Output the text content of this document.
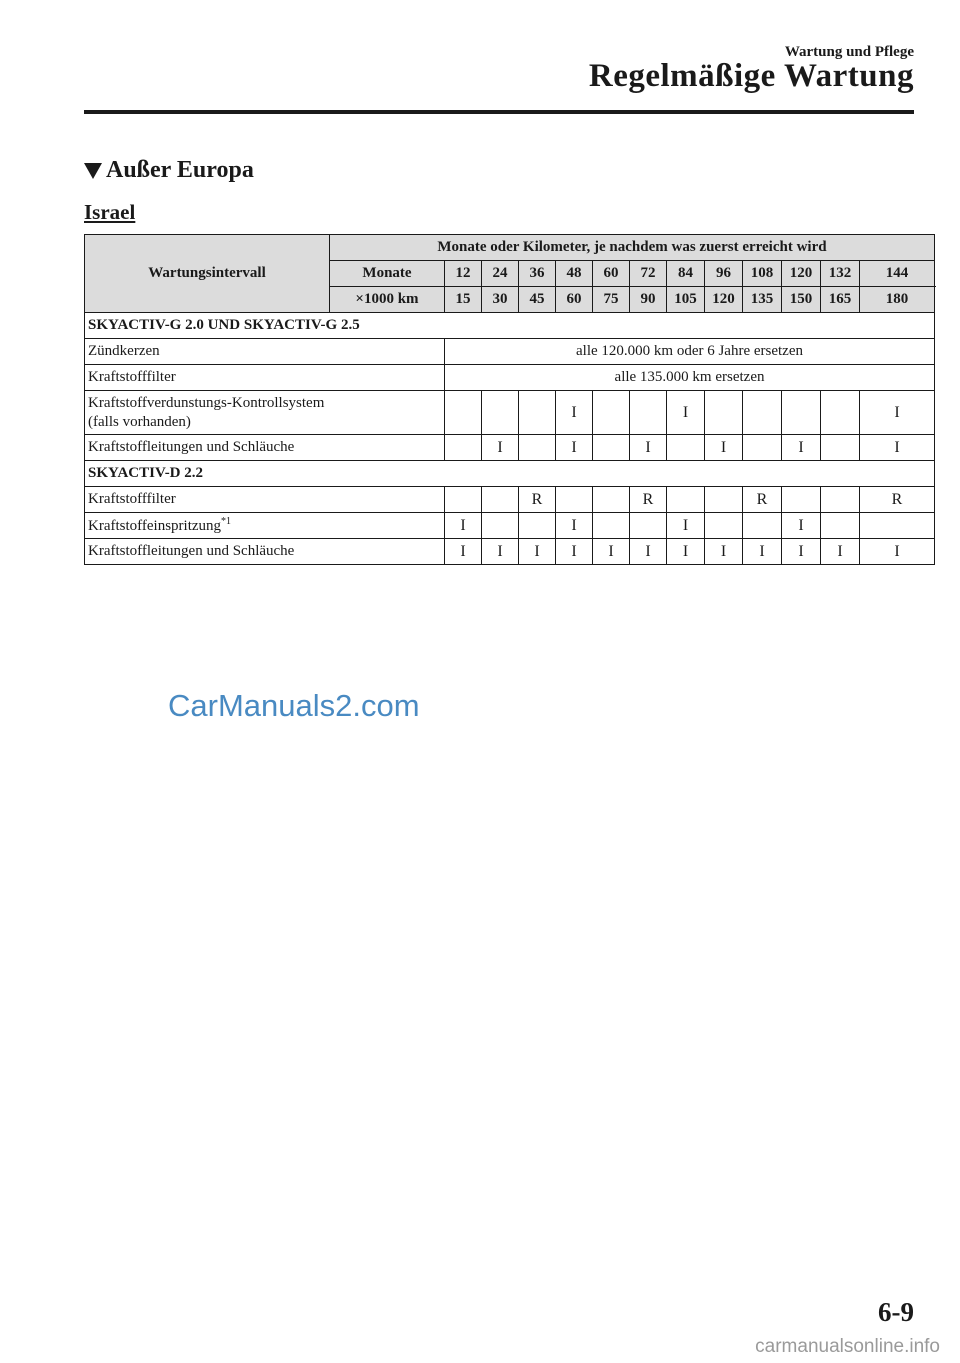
Wartung und Pflege
Regelmäßige Wartung
Außer Europa
Israel
Wartungsintervall	Monate oder Kilometer, je nachdem was zuerst erreicht wird												
	Monate	12	24	36	48	60	72	84	96	108	120	132	144
	×1000 km	15	30	45	60	75	90	105	120	135	150	165	180
SKYACTIV-G 2.0 UND SKYACTIV-G 2.5													
Zündkerzen		alle 120.000 km oder 6 Jahre ersetzen											
Kraftstofffilter		alle 135.000 km ersetzen											
Kraftstoffverdunstungs-Kontrollsystem
(falls vorhanden)					I			I					I
Kraftstoffleitungen und Schläuche			I		I		I		I		I		I
SKYACTIV-D 2.2													
Kraftstofffilter				R			R			R			R
Kraftstoffeinspritzung$^{*1}$		I			I			I			I		
Kraftstoffleitungen und Schläuche		I	I	I	I	I	I	I	I	I	I	I	I
CarManuals2.com
6-9
carmanualsonline.info
